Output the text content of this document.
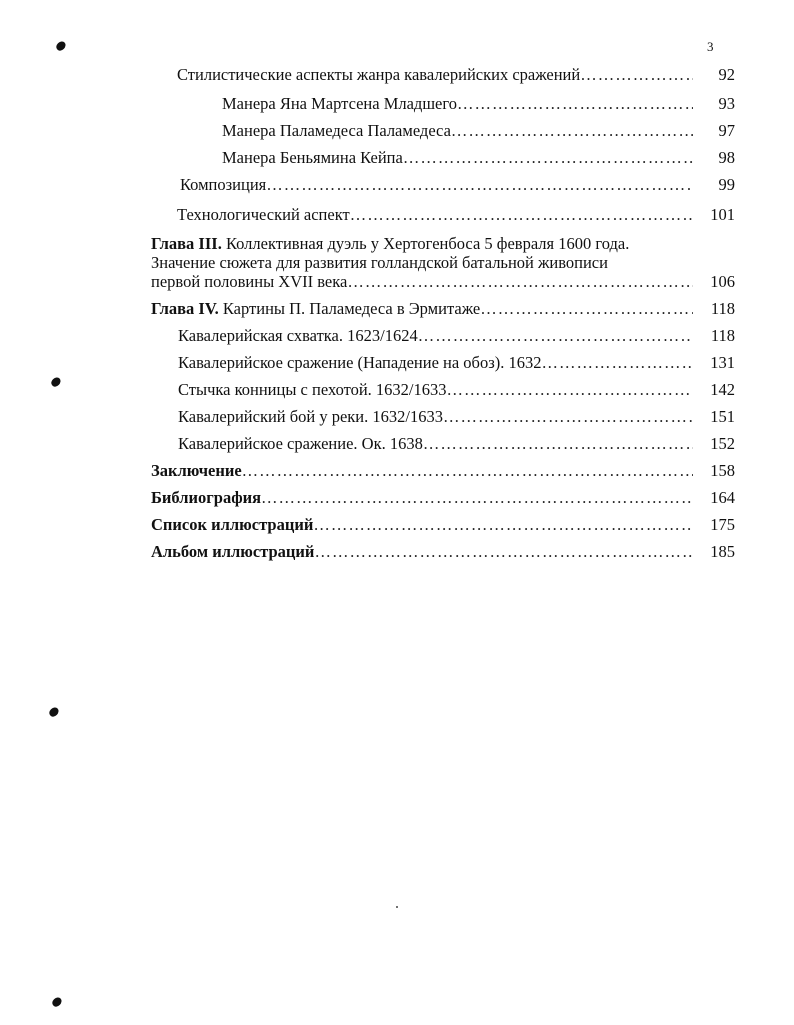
3
Стилистические аспекты жанра кавалерийских сражений ………………………………………………………………………………………………………………………………………………………	92
Манера Яна Мартсена Младшего ………………………………………………………………………………………………………………………………………………………	93
Манера Паламедеса Паламедеса ………………………………………………………………………………………………………………………………………………………	97
Манера Беньямина Кейпа ………………………………………………………………………………………………………………………………………………………	98
Композиция ………………………………………………………………………………………………………………………………………………………	99
Технологический аспект ………………………………………………………………………………………………………………………………………………………	101
Глава III. Коллективная дуэль у Хертогенбоса 5 февраля 1600 года.
Значение сюжета для развития голландской батальной живописи
первой половины XVII века ………………………………………………………………………………………………………………………………………………………	106
Глава IV. Картины П. Паламедеса в Эрмитаже ………………………………………………………………………………………………………………………………………………………	118
Кавалерийская схватка. 1623/1624 ………………………………………………………………………………………………………………………………………………………	118
Кавалерийское сражение (Нападение на обоз). 1632 ………………………………………………………………………………………………………………………………………………………	131
Стычка конницы с пехотой. 1632/1633 ………………………………………………………………………………………………………………………………………………………	142
Кавалерийский бой у реки. 1632/1633 ………………………………………………………………………………………………………………………………………………………	151
Кавалерийское сражение. Ок. 1638 ………………………………………………………………………………………………………………………………………………………	152
Заключение ………………………………………………………………………………………………………………………………………………………	158
Библиография ………………………………………………………………………………………………………………………………………………………	164
Список иллюстраций ………………………………………………………………………………………………………………………………………………………	175
Альбом иллюстраций ………………………………………………………………………………………………………………………………………………………	185
